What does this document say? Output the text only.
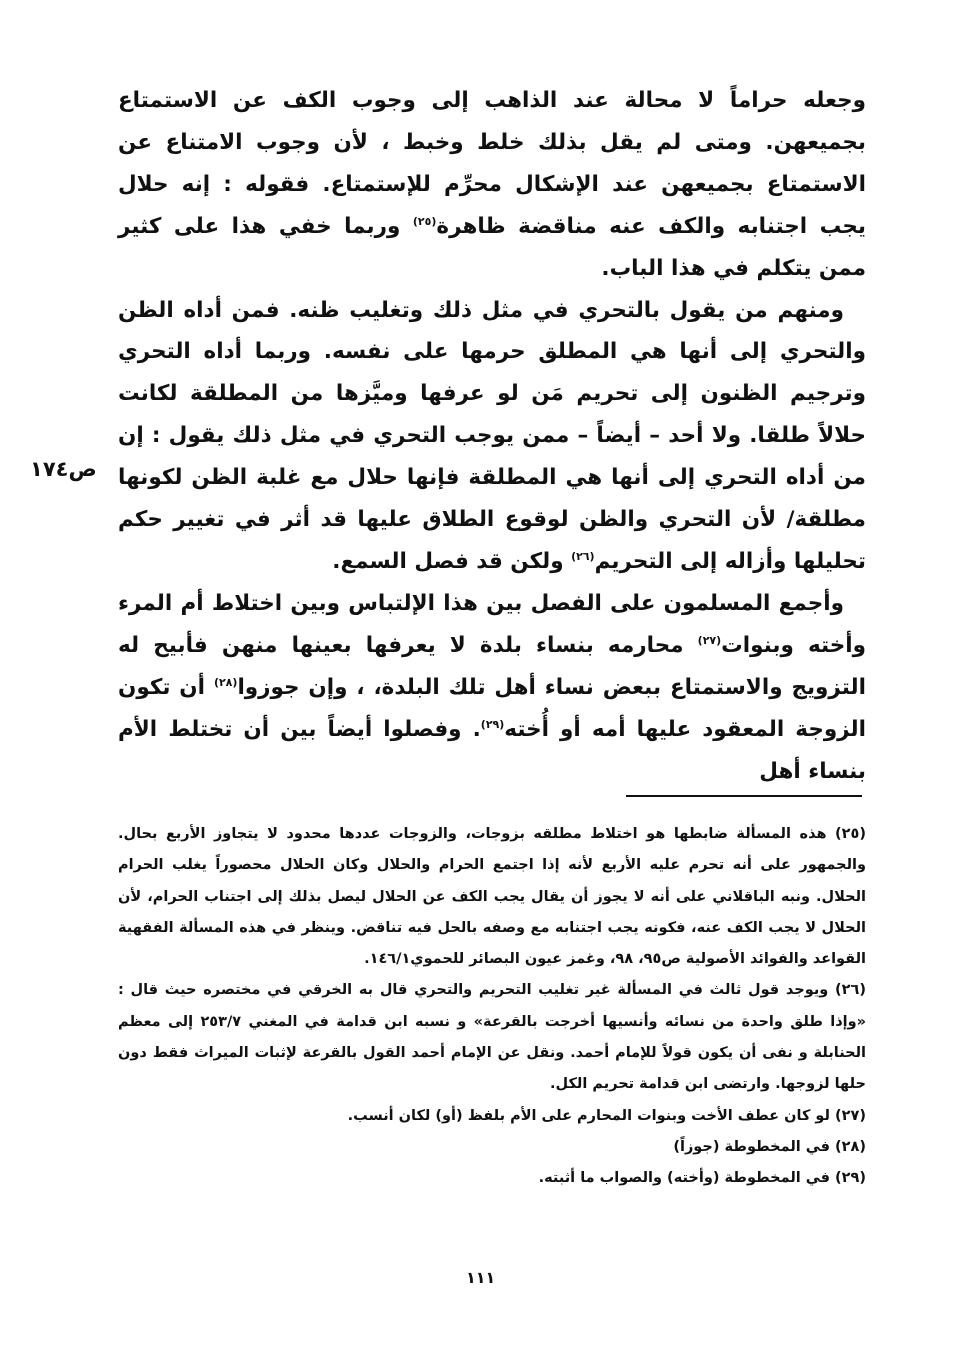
ص١٧٤

وجعله حراماً لا محالة عند الذاهب إلى وجوب الكف عن الاستمتاع بجميعهن. ومتى لم يقل بذلك خلط وخبط ، لأن وجوب الامتناع عن الاستمتاع بجميعهن عند الإشكال محرِّم للإستمتاع. فقوله : إنه حلال يجب اجتنابه والكف عنه مناقضة ظاهرة$^{(٢٥)}$ وربما خفي هذا على كثير ممن يتكلم في هذا الباب.

ومنهم من يقول بالتحري في مثل ذلك وتغليب ظنه. فمن أداه الظن والتحري إلى أنها هي المطلق حرمها على نفسه. وربما أداه التحري وترجيم الظنون إلى تحريم مَن لو عرفها وميَّزها من المطلقة لكانت حلالاً طلقا. ولا أحد – أيضاً – ممن يوجب التحري في مثل ذلك يقول : إن من أداه التحري إلى أنها هي المطلقة فإنها حلال مع غلبة الظن لكونها مطلقة/ لأن التحري والظن لوقوع الطلاق عليها قد أثر في تغيير حكم تحليلها وأزاله إلى التحريم$^{(٢٦)}$ ولكن قد فصل السمع.

وأجمع المسلمون على الفصل بين هذا الإلتباس وبين اختلاط أم المرء وأخته وبنوات$^{(٢٧)}$ محارمه بنساء بلدة لا يعرفها بعينها منهن فأبيح له التزويج والاستمتاع ببعض نساء أهل تلك البلدة، ، وإن جوزوا$^{(٢٨)}$ أن تكون الزوجة المعقود عليها أمه أو أُخته$^{(٢٩)}$. وفصلوا أيضاً بين أن تختلط الأم بنساء أهل

(٢٥) هذه المسألة ضابطها هو اختلاط مطلقه بزوجات، والزوجات عددها محدود لا يتجاوز الأربع بحال. والجمهور على أنه تحرم عليه الأربع لأنه إذا اجتمع الحرام والحلال وكان الحلال محصوراً يغلب الحرام الحلال. ونبه الباقلاني على أنه لا يجوز أن يقال يجب الكف عن الحلال ليصل بذلك إلى اجتناب الحرام، لأن الحلال لا يجب الكف عنه، فكونه يجب اجتنابه مع وصفه بالحل فيه تناقض. وينظر في هذه المسألة الفقهية القواعد والفوائد الأصولية ص٩٥، ٩٨، وغمز عيون البصائر للحموي١٤٦/١.

(٢٦) ويوجد قول ثالث في المسألة غير تغليب التحريم والتحري قال به الخرقي في مختصره حيث قال : «وإذا طلق واحدة من نسائه وأنسيها أخرجت بالقرعة» و نسبه ابن قدامة في المغني ٢٥٣/٧ إلى معظم الحنابلة و نفى أن يكون قولاً للإمام أحمد. ونقل عن الإمام أحمد القول بالقرعة لإثبات الميراث فقط دون حلها لزوجها. وارتضى ابن قدامة تحريم الكل.

(٢٧) لو كان عطف الأخت وبنوات المحارم على الأم بلفظ (أو) لكان أنسب.

(٢٨) في المخطوطة (جوزاً)

(٢٩) في المخطوطة (وأخته) والصواب ما أثبته.

١١١
